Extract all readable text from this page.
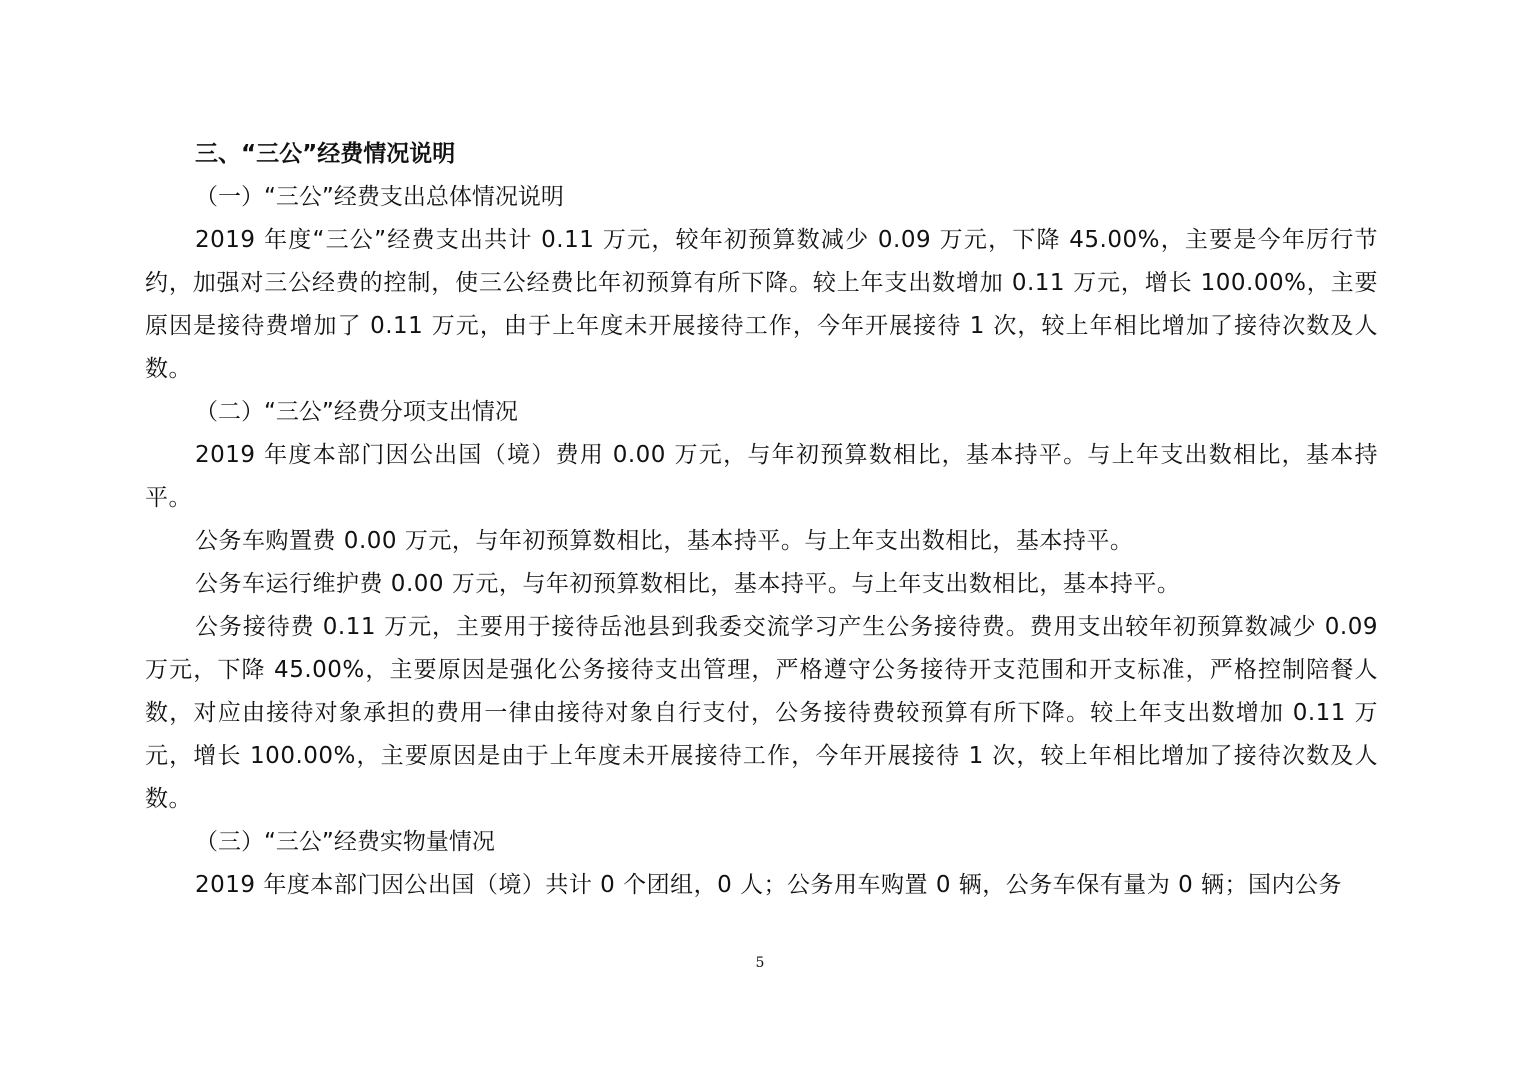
三、“三公”经费情况说明

（一）“三公”经费支出总体情况说明

2019 年度“三公”经费支出共计 0.11 万元，较年初预算数减少 0.09 万元，下降 45.00%，主要是今年厉行节约，加强对三公经费的控制，使三公经费比年初预算有所下降。较上年支出数增加 0.11 万元，增长 100.00%，主要原因是接待费增加了 0.11 万元，由于上年度未开展接待工作，今年开展接待 1 次，较上年相比增加了接待次数及人数。

（二）“三公”经费分项支出情况

2019 年度本部门因公出国（境）费用 0.00 万元，与年初预算数相比，基本持平。与上年支出数相比，基本持平。

公务车购置费 0.00 万元，与年初预算数相比，基本持平。与上年支出数相比，基本持平。

公务车运行维护费 0.00 万元，与年初预算数相比，基本持平。与上年支出数相比，基本持平。

公务接待费 0.11 万元，主要用于接待岳池县到我委交流学习产生公务接待费。费用支出较年初预算数减少 0.09 万元，下降 45.00%，主要原因是强化公务接待支出管理，严格遵守公务接待开支范围和开支标准，严格控制陪餐人数，对应由接待对象承担的费用一律由接待对象自行支付，公务接待费较预算有所下降。较上年支出数增加 0.11 万元，增长 100.00%，主要原因是由于上年度未开展接待工作，今年开展接待 1 次，较上年相比增加了接待次数及人数。

（三）“三公”经费实物量情况

2019 年度本部门因公出国（境）共计 0 个团组，0 人；公务用车购置 0 辆，公务车保有量为 0 辆；国内公务

5
